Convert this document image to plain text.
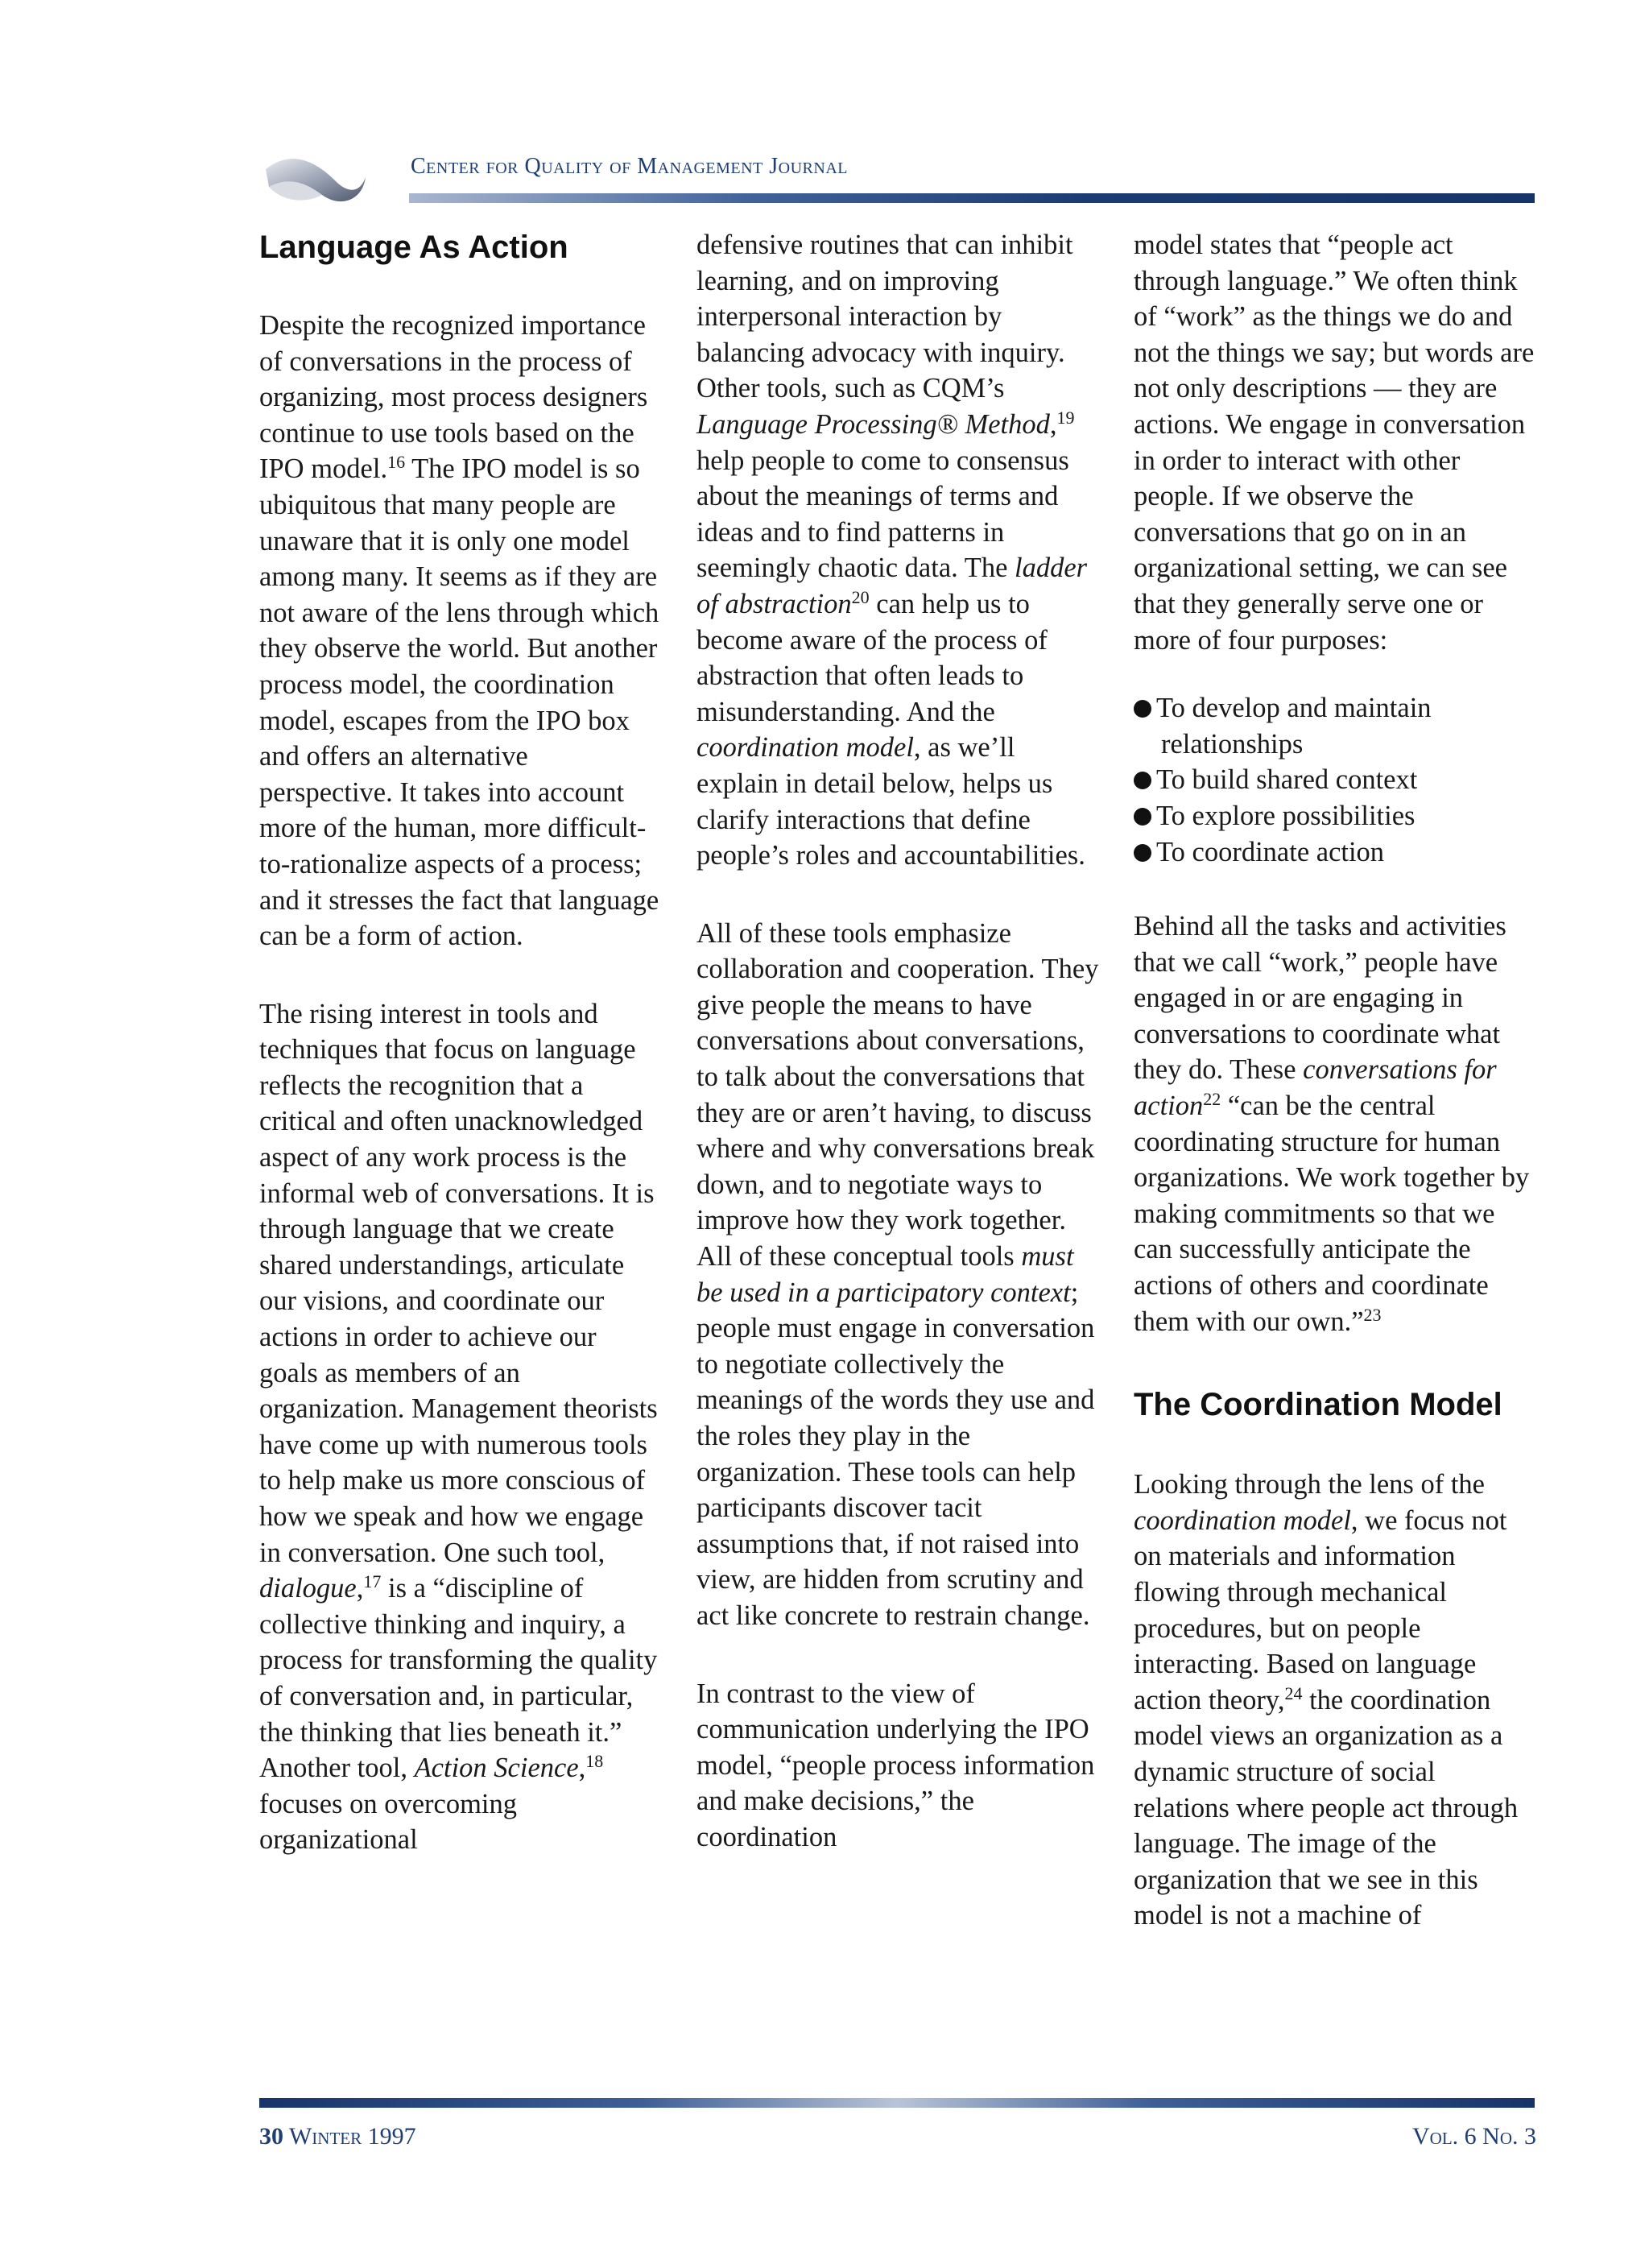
Center for Quality of Management Journal
Language As Action

Despite the recognized importance of conversations in the process of organizing, most process designers continue to use tools based on the IPO model.$^{16}$ The IPO model is so ubiquitous that many people are unaware that it is only one model among many. It seems as if they are not aware of the lens through which they observe the world. But another process model, the coordination model, escapes from the IPO box and offers an alternative perspective. It takes into account more of the human, more difficult-to-rationalize aspects of a process; and it stresses the fact that language can be a form of action.

The rising interest in tools and techniques that focus on language reflects the recognition that a critical and often unacknowledged aspect of any work process is the informal web of conversations. It is through language that we create shared understandings, articulate our visions, and coordinate our actions in order to achieve our goals as members of an organization. Management theorists have come up with numerous tools to help make us more conscious of how we speak and how we engage in conversation. One such tool, dialogue,$^{17}$ is a “discipline of collective thinking and inquiry, a process for transforming the quality of conversation and, in particular, the thinking that lies beneath it.” Another tool, Action Science,$^{18}$ focuses on overcoming organizational

defensive routines that can inhibit learning, and on improving interpersonal interaction by balancing advocacy with inquiry. Other tools, such as CQM’s Language Processing® Method,$^{19}$ help people to come to consensus about the meanings of terms and ideas and to find patterns in seemingly chaotic data. The ladder of abstraction$^{20}$ can help us to become aware of the process of abstraction that often leads to misunderstanding. And the coordination model, as we’ll explain in detail below, helps us clarify interactions that define people’s roles and accountabilities.

All of these tools emphasize collaboration and cooperation. They give people the means to have conversations about conversations, to talk about the conversations that they are or aren’t having, to discuss where and why conversations break down, and to negotiate ways to improve how they work together. All of these conceptual tools must be used in a participatory context; people must engage in conversation to negotiate collectively the meanings of the words they use and the roles they play in the organization. These tools can help participants discover tacit assumptions that, if not raised into view, are hidden from scrutiny and act like concrete to restrain change.

In contrast to the view of communication underlying the IPO model, “people process information and make decisions,” the coordination

model states that “people act through language.” We often think of “work” as the things we do and not the things we say; but words are not only descriptions — they are actions. We engage in conversation in order to interact with other people. If we observe the conversations that go on in an organizational setting, we can see that they generally serve one or more of four purposes:

To develop and maintain relationships
To build shared context
To explore possibilities
To coordinate action

Behind all the tasks and activities that we call “work,” people have engaged in or are engaging in conversations to coordinate what they do. These conversations for action$^{22}$ “can be the central coordinating structure for human organizations. We work together by making commitments so that we can successfully anticipate the actions of others and coordinate them with our own.”$^{23}$

The Coordination Model

Looking through the lens of the coordination model, we focus not on materials and information flowing through mechanical procedures, but on people interacting. Based on language action theory,$^{24}$ the coordination model views an organization as a dynamic structure of social relations where people act through language. The image of the organization that we see in this model is not a machine of

30 Winter 1997	Vol. 6 No. 3
